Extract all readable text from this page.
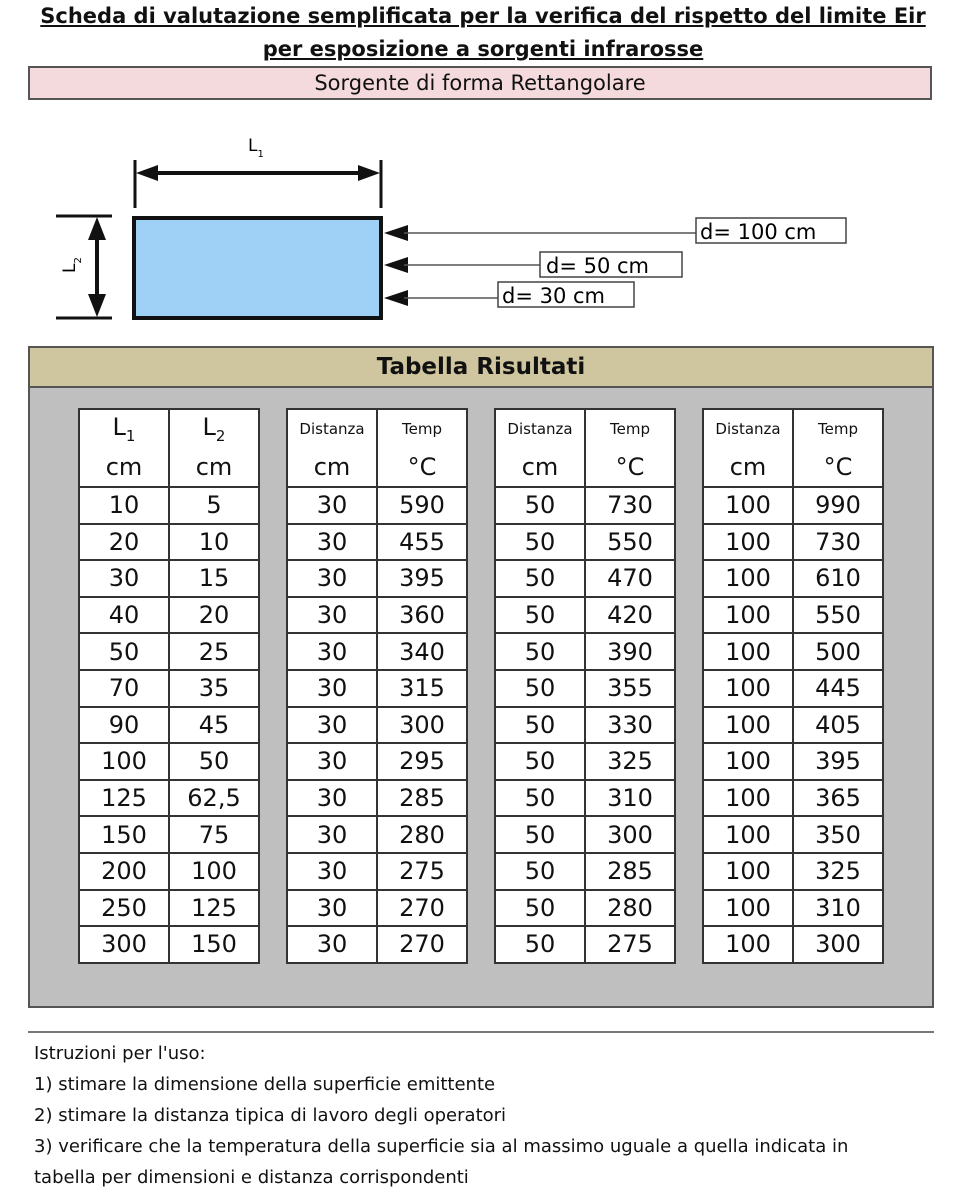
Scheda di valutazione semplificata per la verifica del rispetto del limite Eir
per esposizione a sorgenti infrarosse
Sorgente di forma Rettangolare
$L_1$
$L_2$
d= 100 cm
d= 50 cm
d= 30 cm
Tabella Risultati
$L_1$	$L_2$
cm	cm
10	5
20	10
30	15
40	20
50	25
70	35
90	45
100	50
125	62,5
150	75
200	100
250	125
300	150
Distanza	Temp
cm	°C
30	590
30	455
30	395
30	360
30	340
30	315
30	300
30	295
30	285
30	280
30	275
30	270
30	270
Distanza	Temp
cm	°C
50	730
50	550
50	470
50	420
50	390
50	355
50	330
50	325
50	310
50	300
50	285
50	280
50	275
Distanza	Temp
cm	°C
100	990
100	730
100	610
100	550
100	500
100	445
100	405
100	395
100	365
100	350
100	325
100	310
100	300
Istruzioni per l'uso:
1) stimare la dimensione della superficie emittente
2) stimare la distanza tipica di lavoro degli operatori
3) verificare che la temperatura della superficie sia al massimo uguale a quella indicata in
tabella per dimensioni e distanza corrispondenti
